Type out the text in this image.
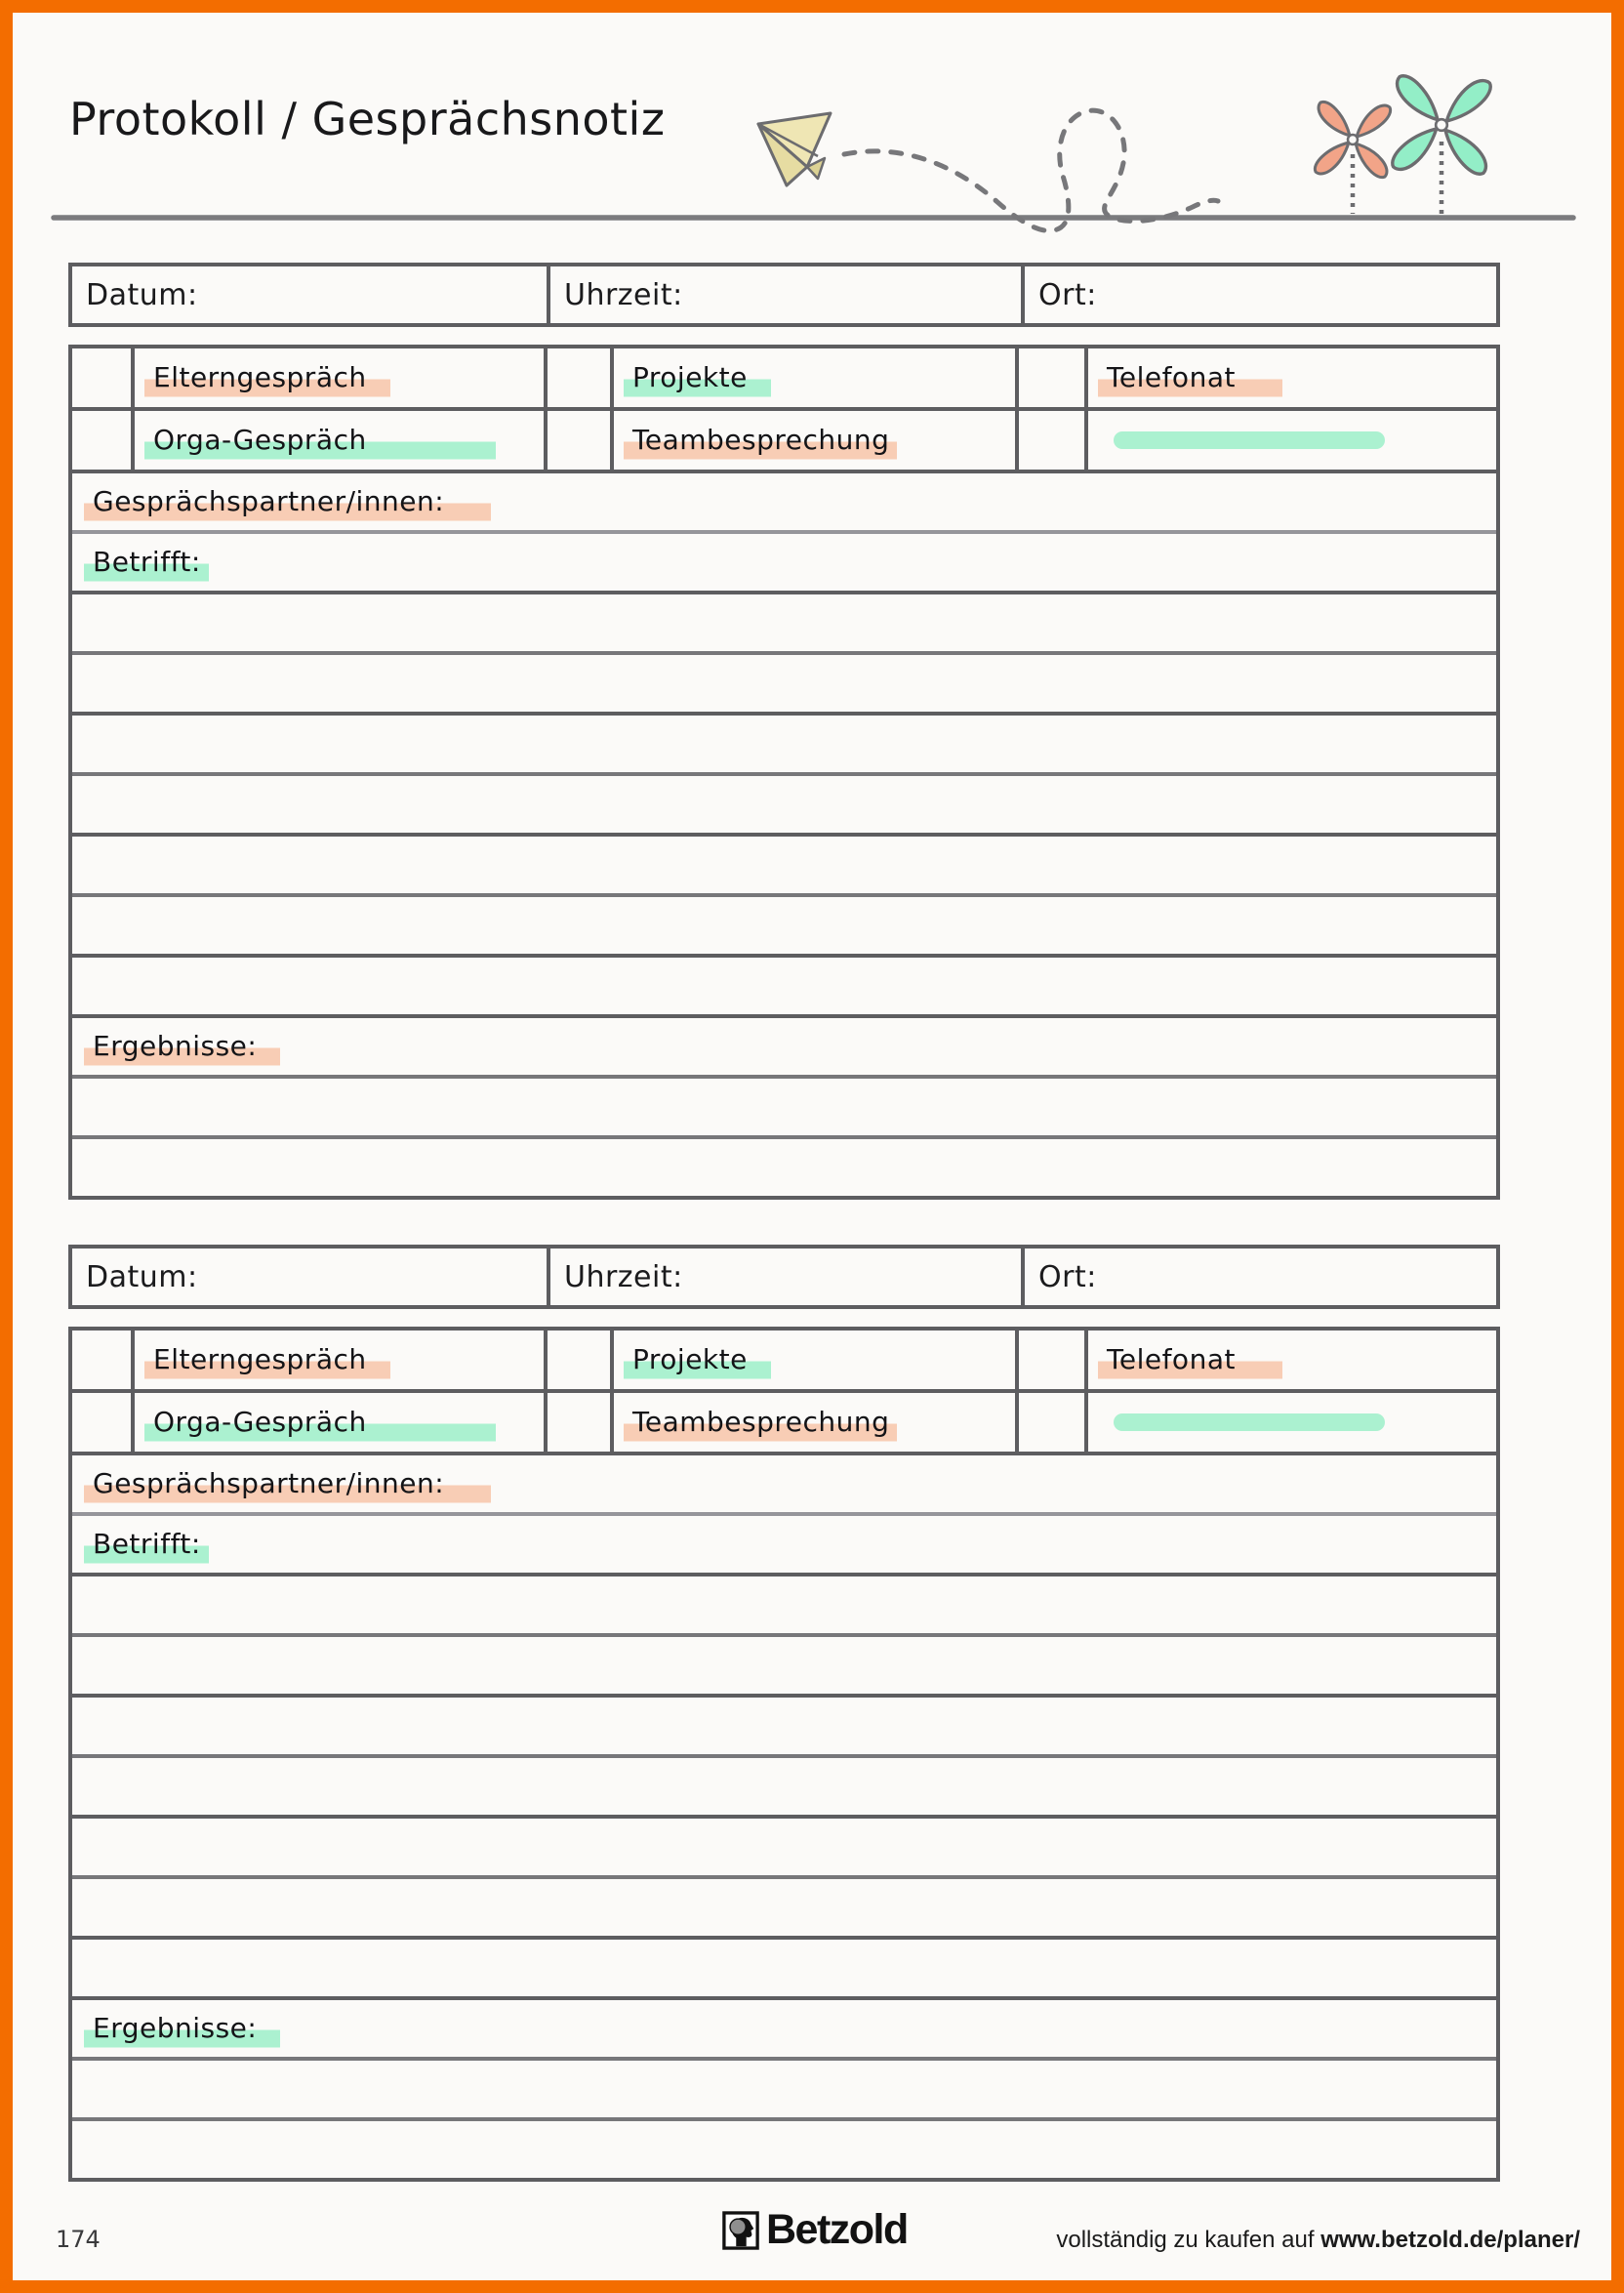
Protokoll / Gesprächsnotiz
Datum:	Uhrzeit:	Ort:
Elterngespräch	Projekte	Telefonat
Orga-Gespräch	Teambesprechung
Gesprächspartner/innen:
Betrifft:
Ergebnisse:
Datum:	Uhrzeit:	Ort:
Elterngespräch	Projekte	Telefonat
Orga-Gespräch	Teambesprechung
Gesprächspartner/innen:
Betrifft:
Ergebnisse:
174	Betzold	vollständig zu kaufen auf www.betzold.de/planer/
